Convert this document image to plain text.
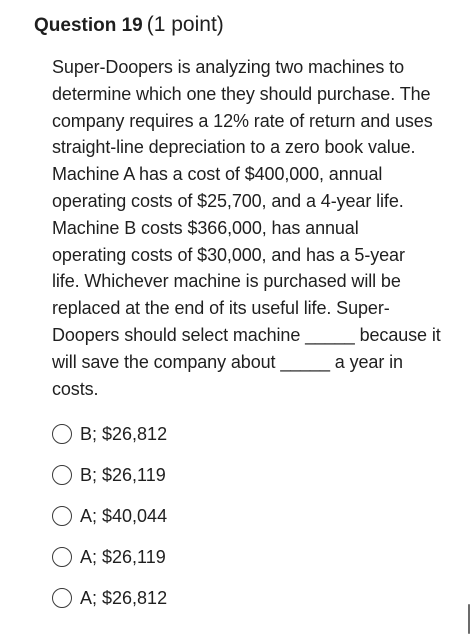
Question 19 (1 point)
Super-Doopers is analyzing two machines to
determine which one they should purchase. The
company requires a 12% rate of return and uses
straight-line depreciation to a zero book value.
Machine A has a cost of $400,000, annual
operating costs of $25,700, and a 4-year life.
Machine B costs $366,000, has annual
operating costs of $30,000, and has a 5-year
life. Whichever machine is purchased will be
replaced at the end of its useful life. Super-
Doopers should select machine _____ because it
will save the company about _____ a year in
costs.
B; $26,812
B; $26,119
A; $40,044
A; $26,119
A; $26,812
